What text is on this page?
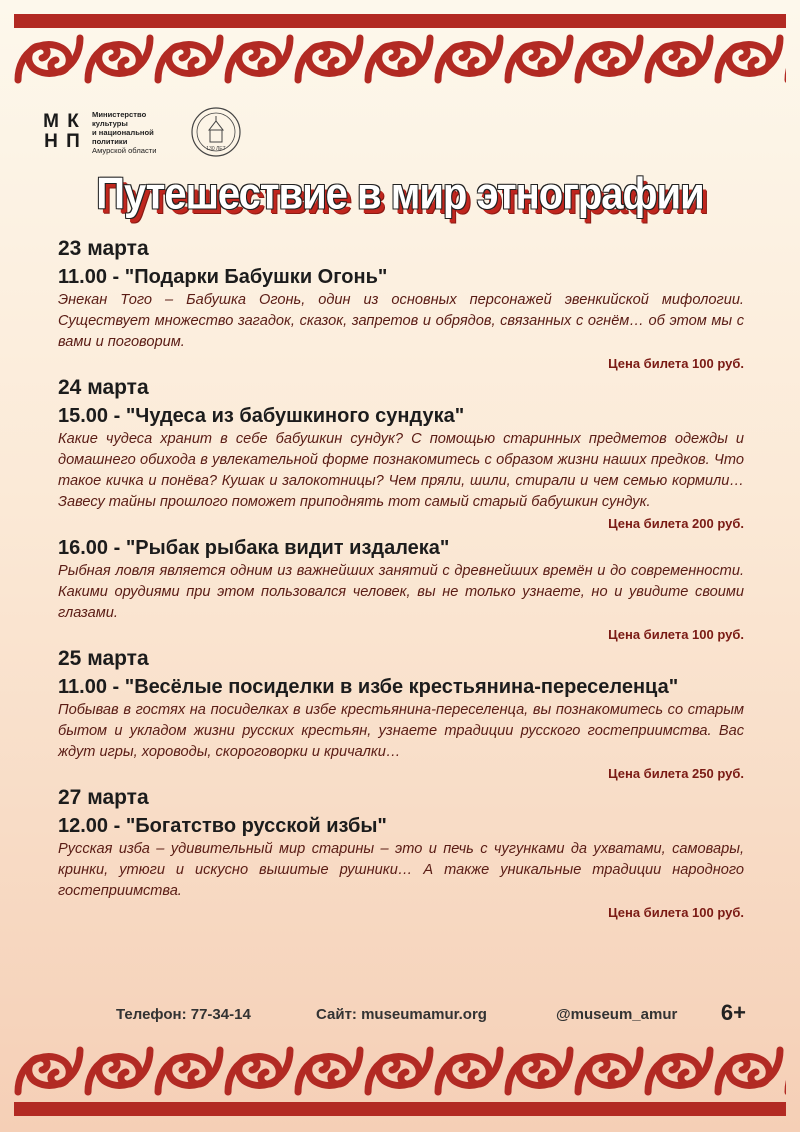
М К
Н П
Министерство
культуры
и национальной
политики
Амурской области	130 ЛЕТ
Путешествие в мир этнографии
23 марта
11.00 - "Подарки Бабушки Огонь"
Энекан Того – Бабушка Огонь, один из основных персонажей эвенкийской мифологии. Существует множество загадок, сказок, запретов и обрядов, связанных с огнём… об этом мы с вами и поговорим.
Цена билета 100 руб.
24 марта
15.00 - "Чудеса из бабушкиного сундука"
Какие чудеса хранит в себе бабушкин сундук? С помощью старинных предметов одежды и домашнего обихода в увлекательной форме познакомитесь с образом жизни наших предков. Что такое кичка и понёва? Кушак и залокотницы? Чем пряли, шили, стирали и чем семью кормили… Завесу тайны прошлого поможет приподнять тот самый старый бабушкин сундук.
Цена билета 200 руб.
16.00 - "Рыбак рыбака видит издалека"
Рыбная ловля является одним из важнейших занятий с древнейших времён и до современности. Какими орудиями при этом пользовался человек, вы не только узнаете, но и увидите своими глазами.
Цена билета 100 руб.
25 марта
11.00 - "Весёлые посиделки в избе крестьянина-переселенца"
Побывав в гостях на посиделках в избе крестьянина-переселенца, вы познакомитесь со старым бытом и укладом жизни русских крестьян, узнаете традиции русского гостеприимства. Вас ждут игры, хороводы, скороговорки и кричалки…
Цена билета 250 руб.
27 марта
12.00 - "Богатство русской избы"
Русская изба – удивительный мир старины – это и печь с чугунками да ухватами, самовары, кринки, утюги и искусно вышитые рушники… А также уникальные традиции народного гостеприимства.
Цена билета 100 руб.
Телефон: 77-34-14	Сайт: museumamur.org	@museum_amur 6+
